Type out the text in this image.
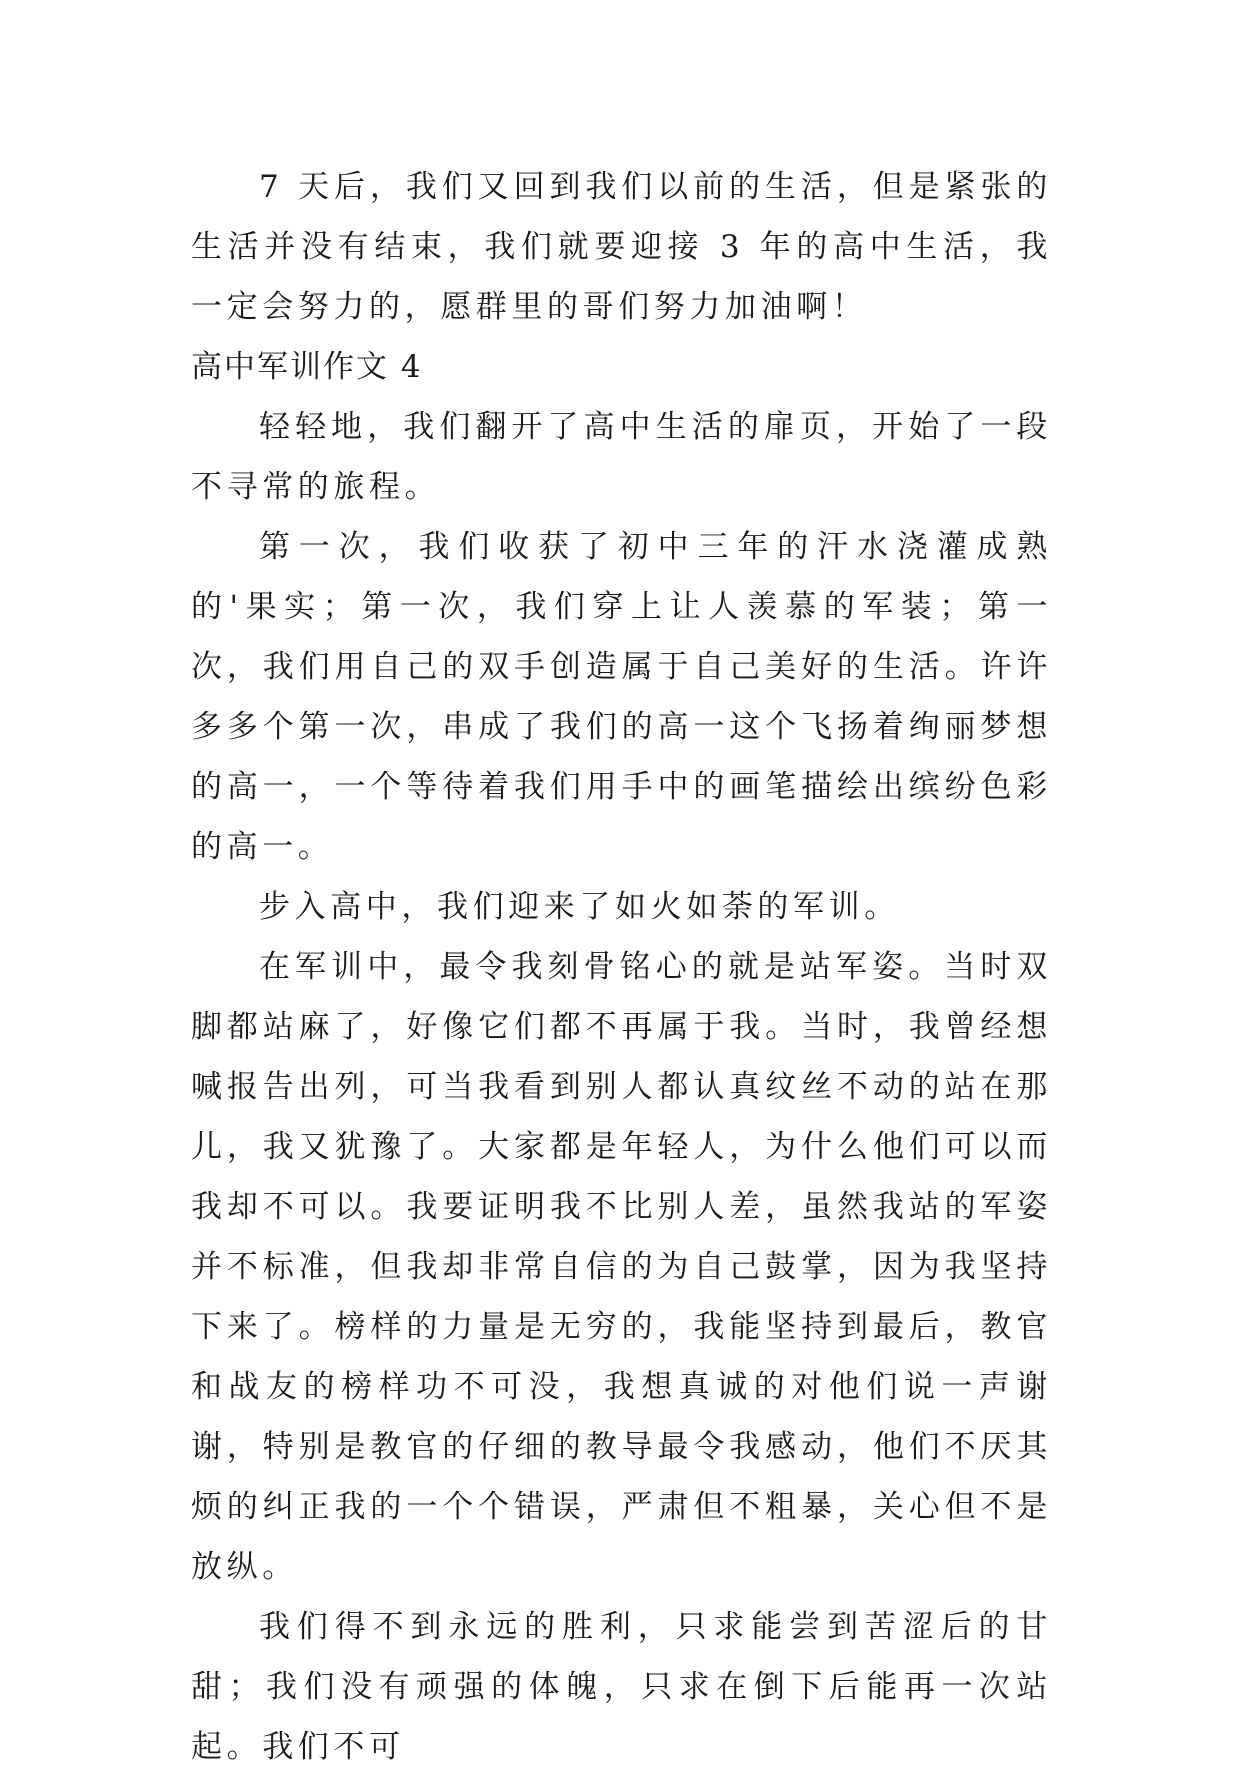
7 天后，我们又回到我们以前的生活，但是紧张的生活并没有结束，我们就要迎接 3 年的高中生活，我一定会努力的，愿群里的哥们努力加油啊！

高中军训作文 4

轻轻地，我们翻开了高中生活的扉页，开始了一段不寻常的旅程。

第一次，我们收获了初中三年的汗水浇灌成熟的'果实；第一次，我们穿上让人羡慕的军装；第一次，我们用自己的双手创造属于自己美好的生活。许许多多个第一次，串成了我们的高一这个飞扬着绚丽梦想的高一，一个等待着我们用手中的画笔描绘出缤纷色彩的高一。

步入高中，我们迎来了如火如荼的军训。

在军训中，最令我刻骨铭心的就是站军姿。当时双脚都站麻了，好像它们都不再属于我。当时，我曾经想喊报告出列，可当我看到别人都认真纹丝不动的站在那儿，我又犹豫了。大家都是年轻人，为什么他们可以而我却不可以。我要证明我不比别人差，虽然我站的军姿并不标准，但我却非常自信的为自己鼓掌，因为我坚持下来了。榜样的力量是无穷的，我能坚持到最后，教官和战友的榜样功不可没，我想真诚的对他们说一声谢谢，特别是教官的仔细的教导最令我感动，他们不厌其烦的纠正我的一个个错误，严肃但不粗暴，关心但不是放纵。

我们得不到永远的胜利，只求能尝到苦涩后的甘甜；我们没有顽强的体魄，只求在倒下后能再一次站起。我们不可
